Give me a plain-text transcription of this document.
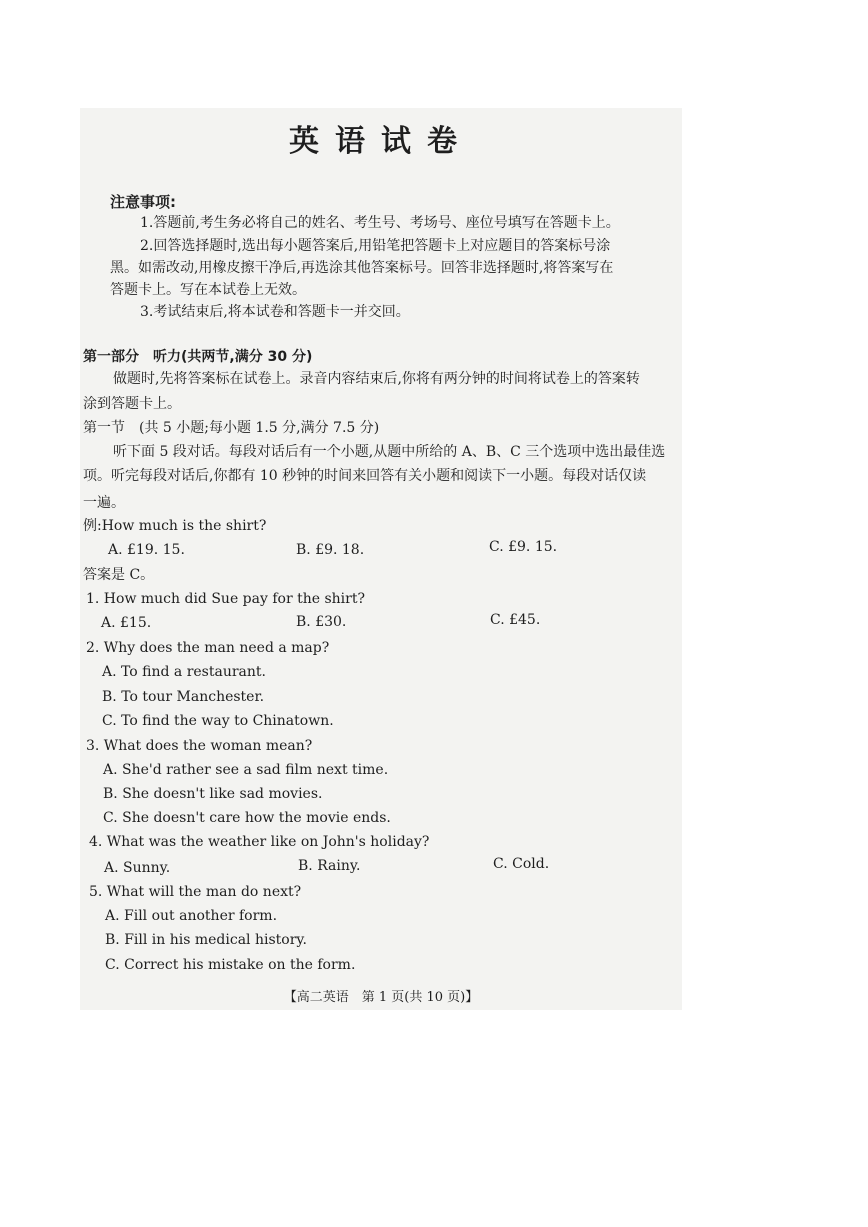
英语试卷
注意事项:
1.答题前,考生务必将自己的姓名、考生号、考场号、座位号填写在答题卡上。
2.回答选择题时,选出每小题答案后,用铅笔把答题卡上对应题目的答案标号涂
黑。如需改动,用橡皮擦干净后,再选涂其他答案标号。回答非选择题时,将答案写在
答题卡上。写在本试卷上无效。
3.考试结束后,将本试卷和答题卡一并交回。
第一部分　听力(共两节,满分 30 分)
做题时,先将答案标在试卷上。录音内容结束后,你将有两分钟的时间将试卷上的答案转
涂到答题卡上。
第一节　(共 5 小题;每小题 1.5 分,满分 7.5 分)
听下面 5 段对话。每段对话后有一个小题,从题中所给的 A、B、C 三个选项中选出最佳选
项。听完每段对话后,你都有 10 秒钟的时间来回答有关小题和阅读下一小题。每段对话仅读
一遍。
例:How much is the shirt?
A. £19. 15.	B. £9. 18.	C. £9. 15.
答案是 C。
1. How much did Sue pay for the shirt?
A. £15.	B. £30.	C. £45.
2. Why does the man need a map?
A. To find a restaurant.
B. To tour Manchester.
C. To find the way to Chinatown.
3. What does the woman mean?
A. She'd rather see a sad film next time.
B. She doesn't like sad movies.
C. She doesn't care how the movie ends.
4. What was the weather like on John's holiday?
A. Sunny.	B. Rainy.	C. Cold.
5. What will the man do next?
A. Fill out another form.
B. Fill in his medical history.
C. Correct his mistake on the form.
【高二英语　第 1 页(共 10 页)】
